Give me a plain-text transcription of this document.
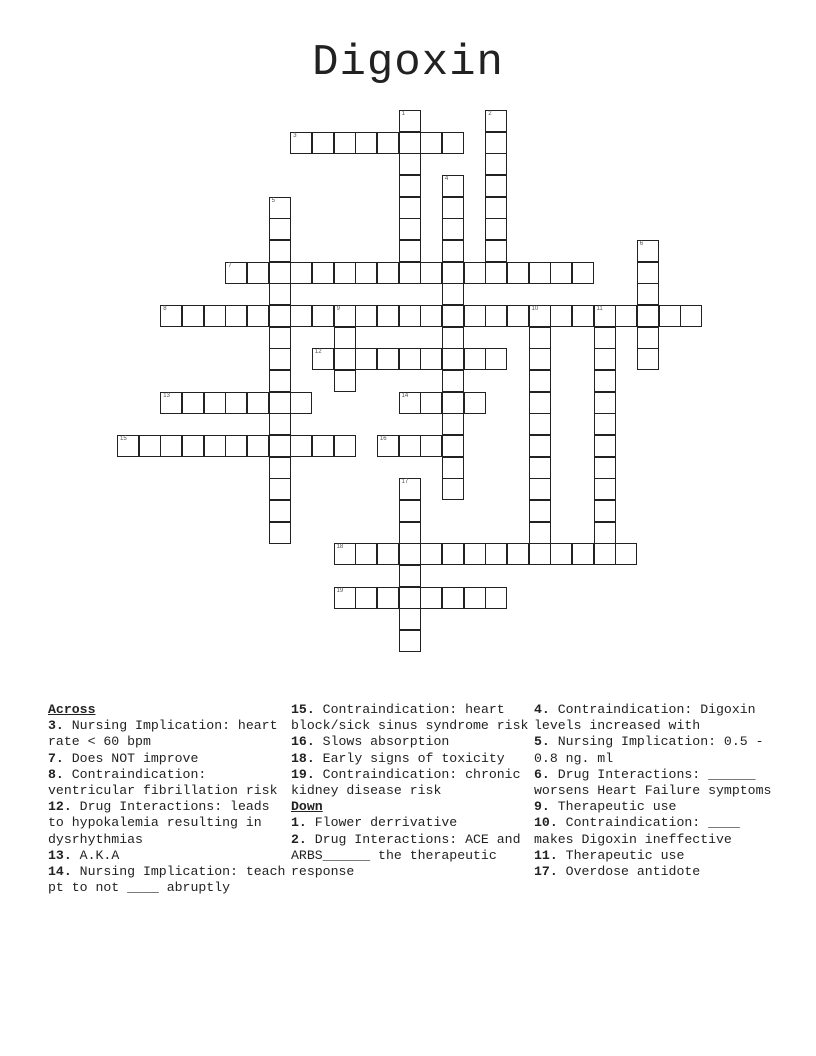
Digoxin
1	2
3
4
5
6
7
8	9	10	11
12
13	14
15	16
17
18
19
Across
3. Nursing Implication: heart rate < 60 bpm
7. Does NOT improve
8. Contraindication: ventricular fibrillation risk
12. Drug Interactions: leads to hypokalemia resulting in dysrhythmias
13. A.K.A
14. Nursing Implication: teach pt to not ____ abruptly
15. Contraindication: heart block/sick sinus syndrome risk
16. Slows absorption
18. Early signs of toxicity
19. Contraindication: chronic kidney disease risk
Down
1. Flower derrivative
2. Drug Interactions: ACE and ARBS______ the therapeutic response
4. Contraindication: Digoxin levels increased with
5. Nursing Implication: 0.5 - 0.8 ng. ml
6. Drug Interactions: ______ worsens Heart Failure symptoms
9. Therapeutic use
10. Contraindication: ____ makes Digoxin ineffective
11. Therapeutic use
17. Overdose antidote
